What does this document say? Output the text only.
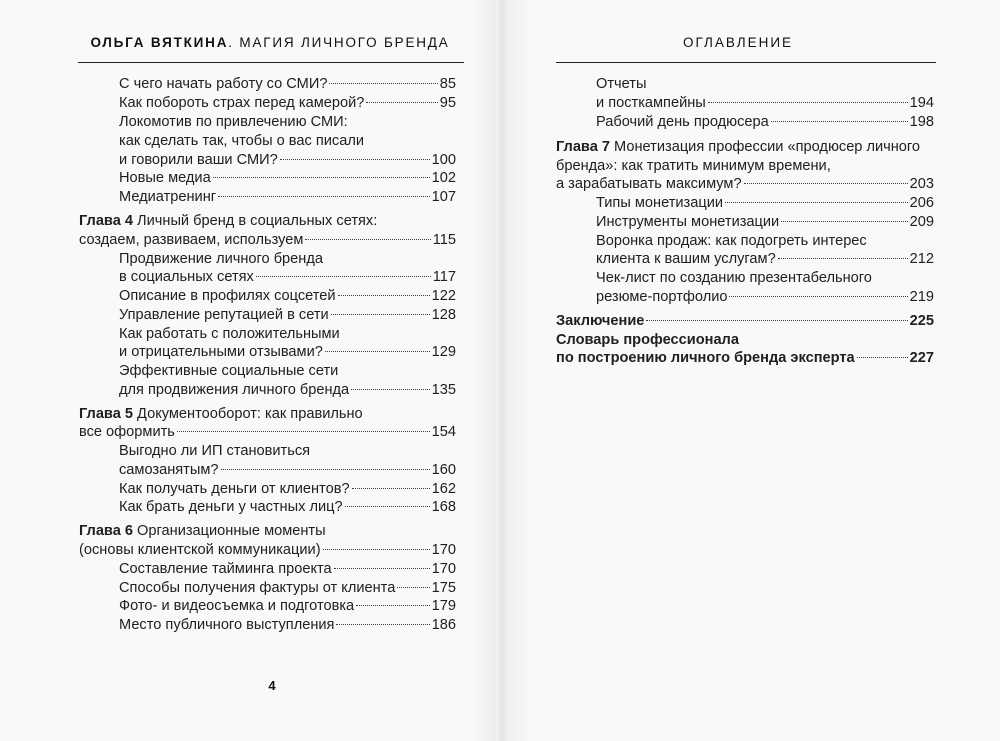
ОЛЬГА ВЯТКИНА. МАГИЯ ЛИЧНОГО БРЕНДА	ОГЛАВЛЕНИЕ
С чего начать работу со СМИ?	85
Как побороть страх перед камерой?	95
Локомотив по привлечению СМИ:
как сделать так, чтобы о вас писали
и говорили ваши СМИ?	100
Новые медиа	102
Медиатренинг	107
Глава 4 Личный бренд в социальных сетях:
создаем, развиваем, используем	115
Продвижение личного бренда
в социальных сетях	117
Описание в профилях соцсетей	122
Управление репутацией в сети	128
Как работать с положительными
и отрицательными отзывами?	129
Эффективные социальные сети
для продвижения личного бренда	135
Глава 5 Документооборот: как правильно
все оформить	154
Выгодно ли ИП становиться
самозанятым?	160
Как получать деньги от клиентов?	162
Как брать деньги у частных лиц?	168
Глава 6 Организационные моменты
(основы клиентской коммуникации)	170
Составление тайминга проекта	170
Способы получения фактуры от клиента 175
Фото- и видеосъемка и подготовка	179
Место публичного выступления	186
4
Отчеты
и посткампейны	194
Рабочий день продюсера	198
Глава 7 Монетизация профессии «продюсер личного
бренда»: как тратить минимум времени,
а зарабатывать максимум?	203
Типы монетизации	206
Инструменты монетизации	209
Воронка продаж: как подогреть интерес
клиента к вашим услугам?	212
Чек-лист по созданию презентабельного
резюме-портфолио	219
Заключение	225
Словарь профессионала
по построению личного бренда эксперта	227
